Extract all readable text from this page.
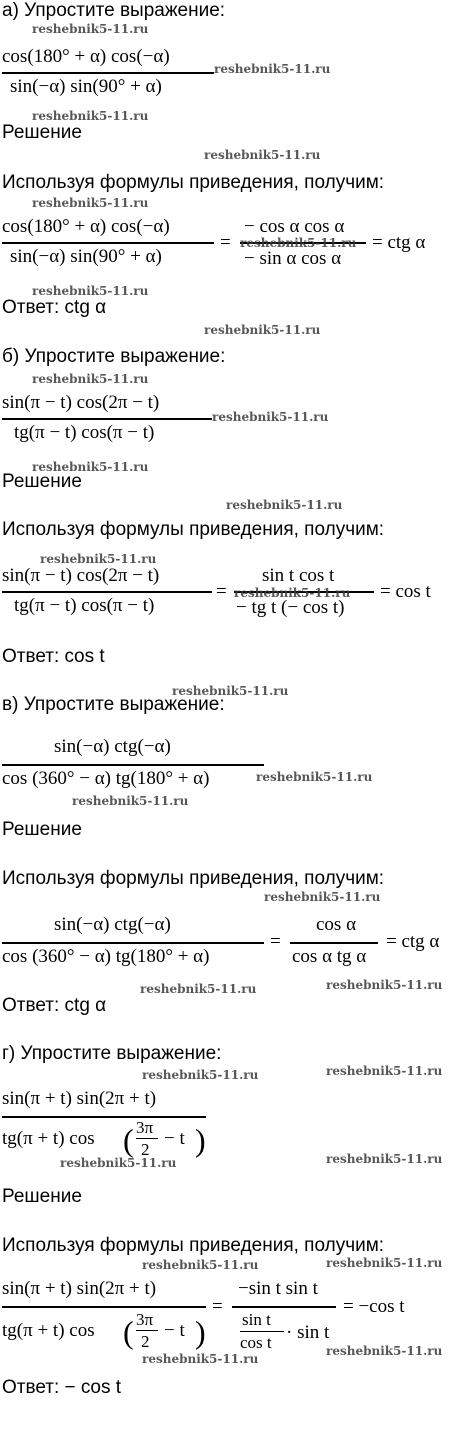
а) Упростите выражение:
reshebnik5-11.ru
cos(180° + α) cos(−α)
reshebnik5-11.ru
sin(−α) sin(90° + α)
reshebnik5-11.ru
Решение
reshebnik5-11.ru
Используя формулы приведения, получим:
reshebnik5-11.ru
cos(180° + α) cos(−α)
sin(−α) sin(90° + α)
=
− cos α cos α
reshebnik5-11.ru
− sin α cos α
= ctg α
reshebnik5-11.ru
Ответ: ctg α
reshebnik5-11.ru
б) Упростите выражение:
reshebnik5-11.ru
sin(π − t) cos(2π − t)
reshebnik5-11.ru
tg(π − t) cos(π − t)
reshebnik5-11.ru
Решение
reshebnik5-11.ru
Используя формулы приведения, получим:
reshebnik5-11.ru
sin(π − t) cos(2π − t)
tg(π − t) cos(π − t)
=
sin t cos t
reshebnik5-11.ru
− tg t (− cos t)
= cos t
Ответ: cos t
reshebnik5-11.ru
в) Упростите выражение:
sin(−α) ctg(−α)
reshebnik5-11.ru
cos (360° − α) tg(180° + α)
reshebnik5-11.ru
Решение
Используя формулы приведения, получим:
reshebnik5-11.ru
sin(−α) ctg(−α)
cos (360° − α) tg(180° + α)
=
cos α
cos α tg α
= ctg α
Ответ: ctg α
reshebnik5-11.ru	reshebnik5-11.ru
г) Упростите выражение:
reshebnik5-11.ru	reshebnik5-11.ru
sin(π + t) sin(2π + t)
tg(π + t) cos ( 3π
2
− t )
reshebnik5-11.ru	reshebnik5-11.ru
Решение
Используя формулы приведения, получим:
reshebnik5-11.ru	reshebnik5-11.ru
sin(π + t) sin(2π + t)
tg(π + t) cos ( 3π
2
− t )
=
−sin t sin t
sin t
cos t · sin t
= −cos t
reshebnik5-11.ru
reshebnik5-11.ru
Ответ: − cos t
